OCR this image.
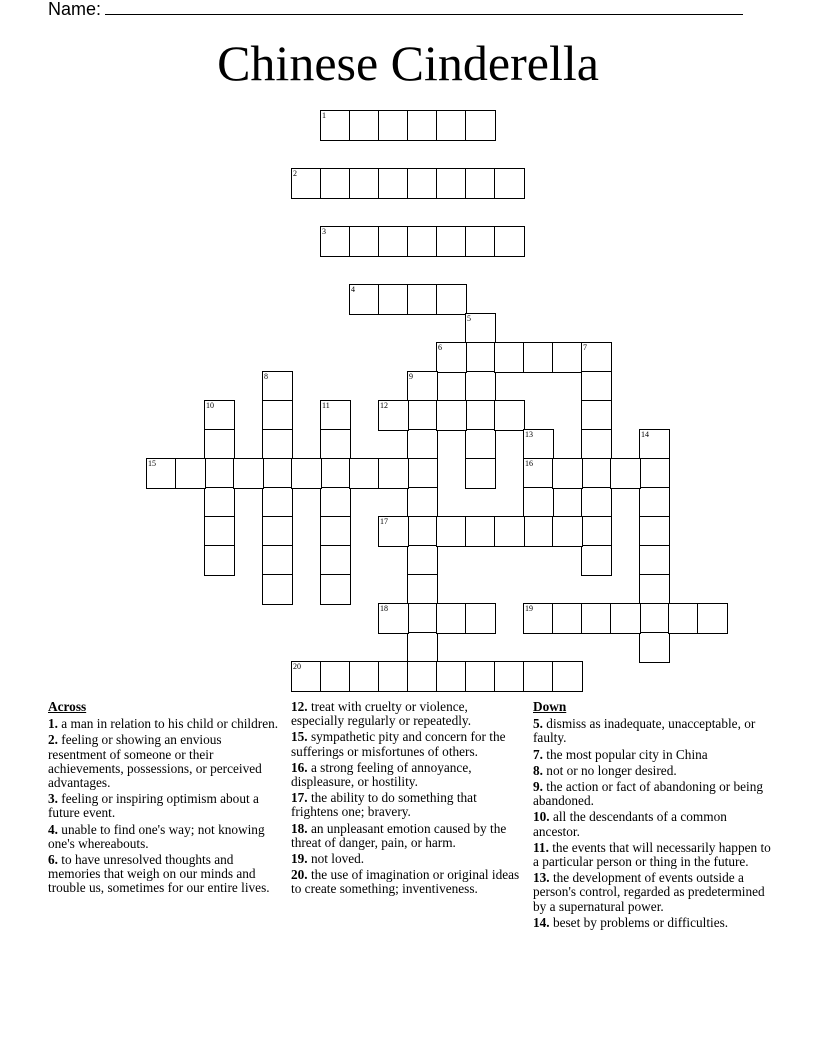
Name:
Chinese Cinderella
1
2
3
4
5
6	7
8	9
10	11	12
13
16
14
15
17
18	19
20
Across
1. a man in relation to his child or children.
2. feeling or showing an envious resentment of someone or their achievements, possessions, or perceived advantages.
3. feeling or inspiring optimism about a future event.
4. unable to find one's way; not knowing one's whereabouts.
6. to have unresolved thoughts and memories that weigh on our minds and trouble us, sometimes for our entire lives.
12. treat with cruelty or violence, especially regularly or repeatedly.
15. sympathetic pity and concern for the sufferings or misfortunes of others.
16. a strong feeling of annoyance, displeasure, or hostility.
17. the ability to do something that frightens one; bravery.
18. an unpleasant emotion caused by the threat of danger, pain, or harm.
19. not loved.
20. the use of imagination or original ideas to create something; inventiveness.
Down
5. dismiss as inadequate, unacceptable, or faulty.
7. the most popular city in China
8. not or no longer desired.
9. the action or fact of abandoning or being abandoned.
10. all the descendants of a common ancestor.
11. the events that will necessarily happen to a particular person or thing in the future.
13. the development of events outside a person's control, regarded as predetermined by a supernatural power.
14. beset by problems or difficulties.
